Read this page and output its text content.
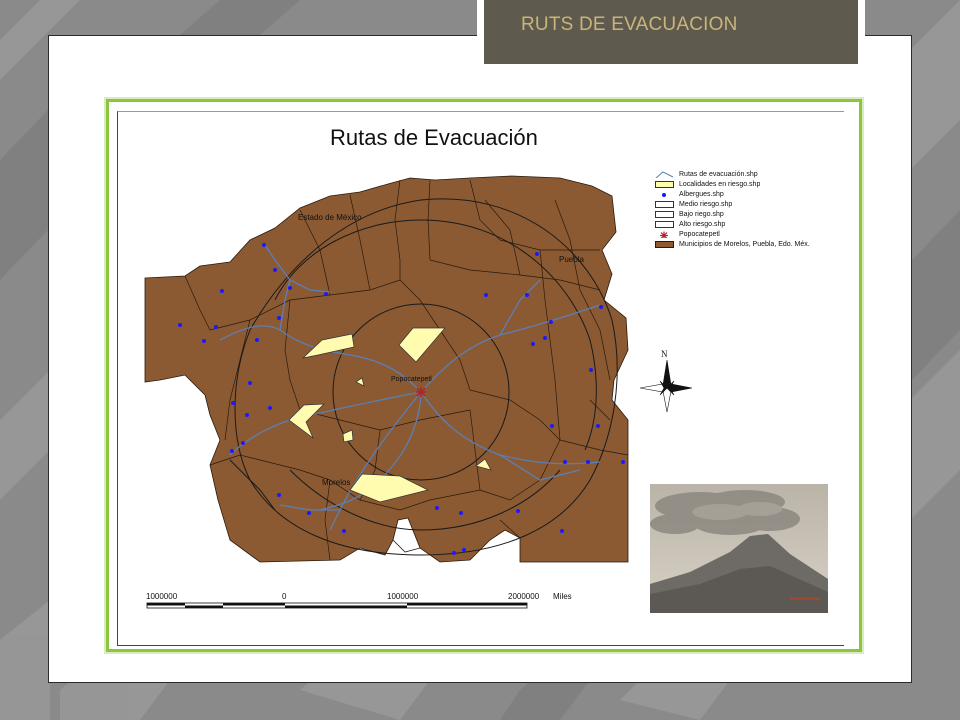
RUTS DE EVACUACION
Rutas de Evacuación
Estado de México
Puebla
Morelos
Popocatepetl
N
Rutas de evacuación.shp
Localidades en riesgo.shp
Albergues.shp
Medio riesgo.shp
Bajo riego.shp
Alto riesgo.shp
Popocatepetl
Municipios de Morelos, Puebla, Edo. Méx.
1000000	0	1000000	2000000 Miles
